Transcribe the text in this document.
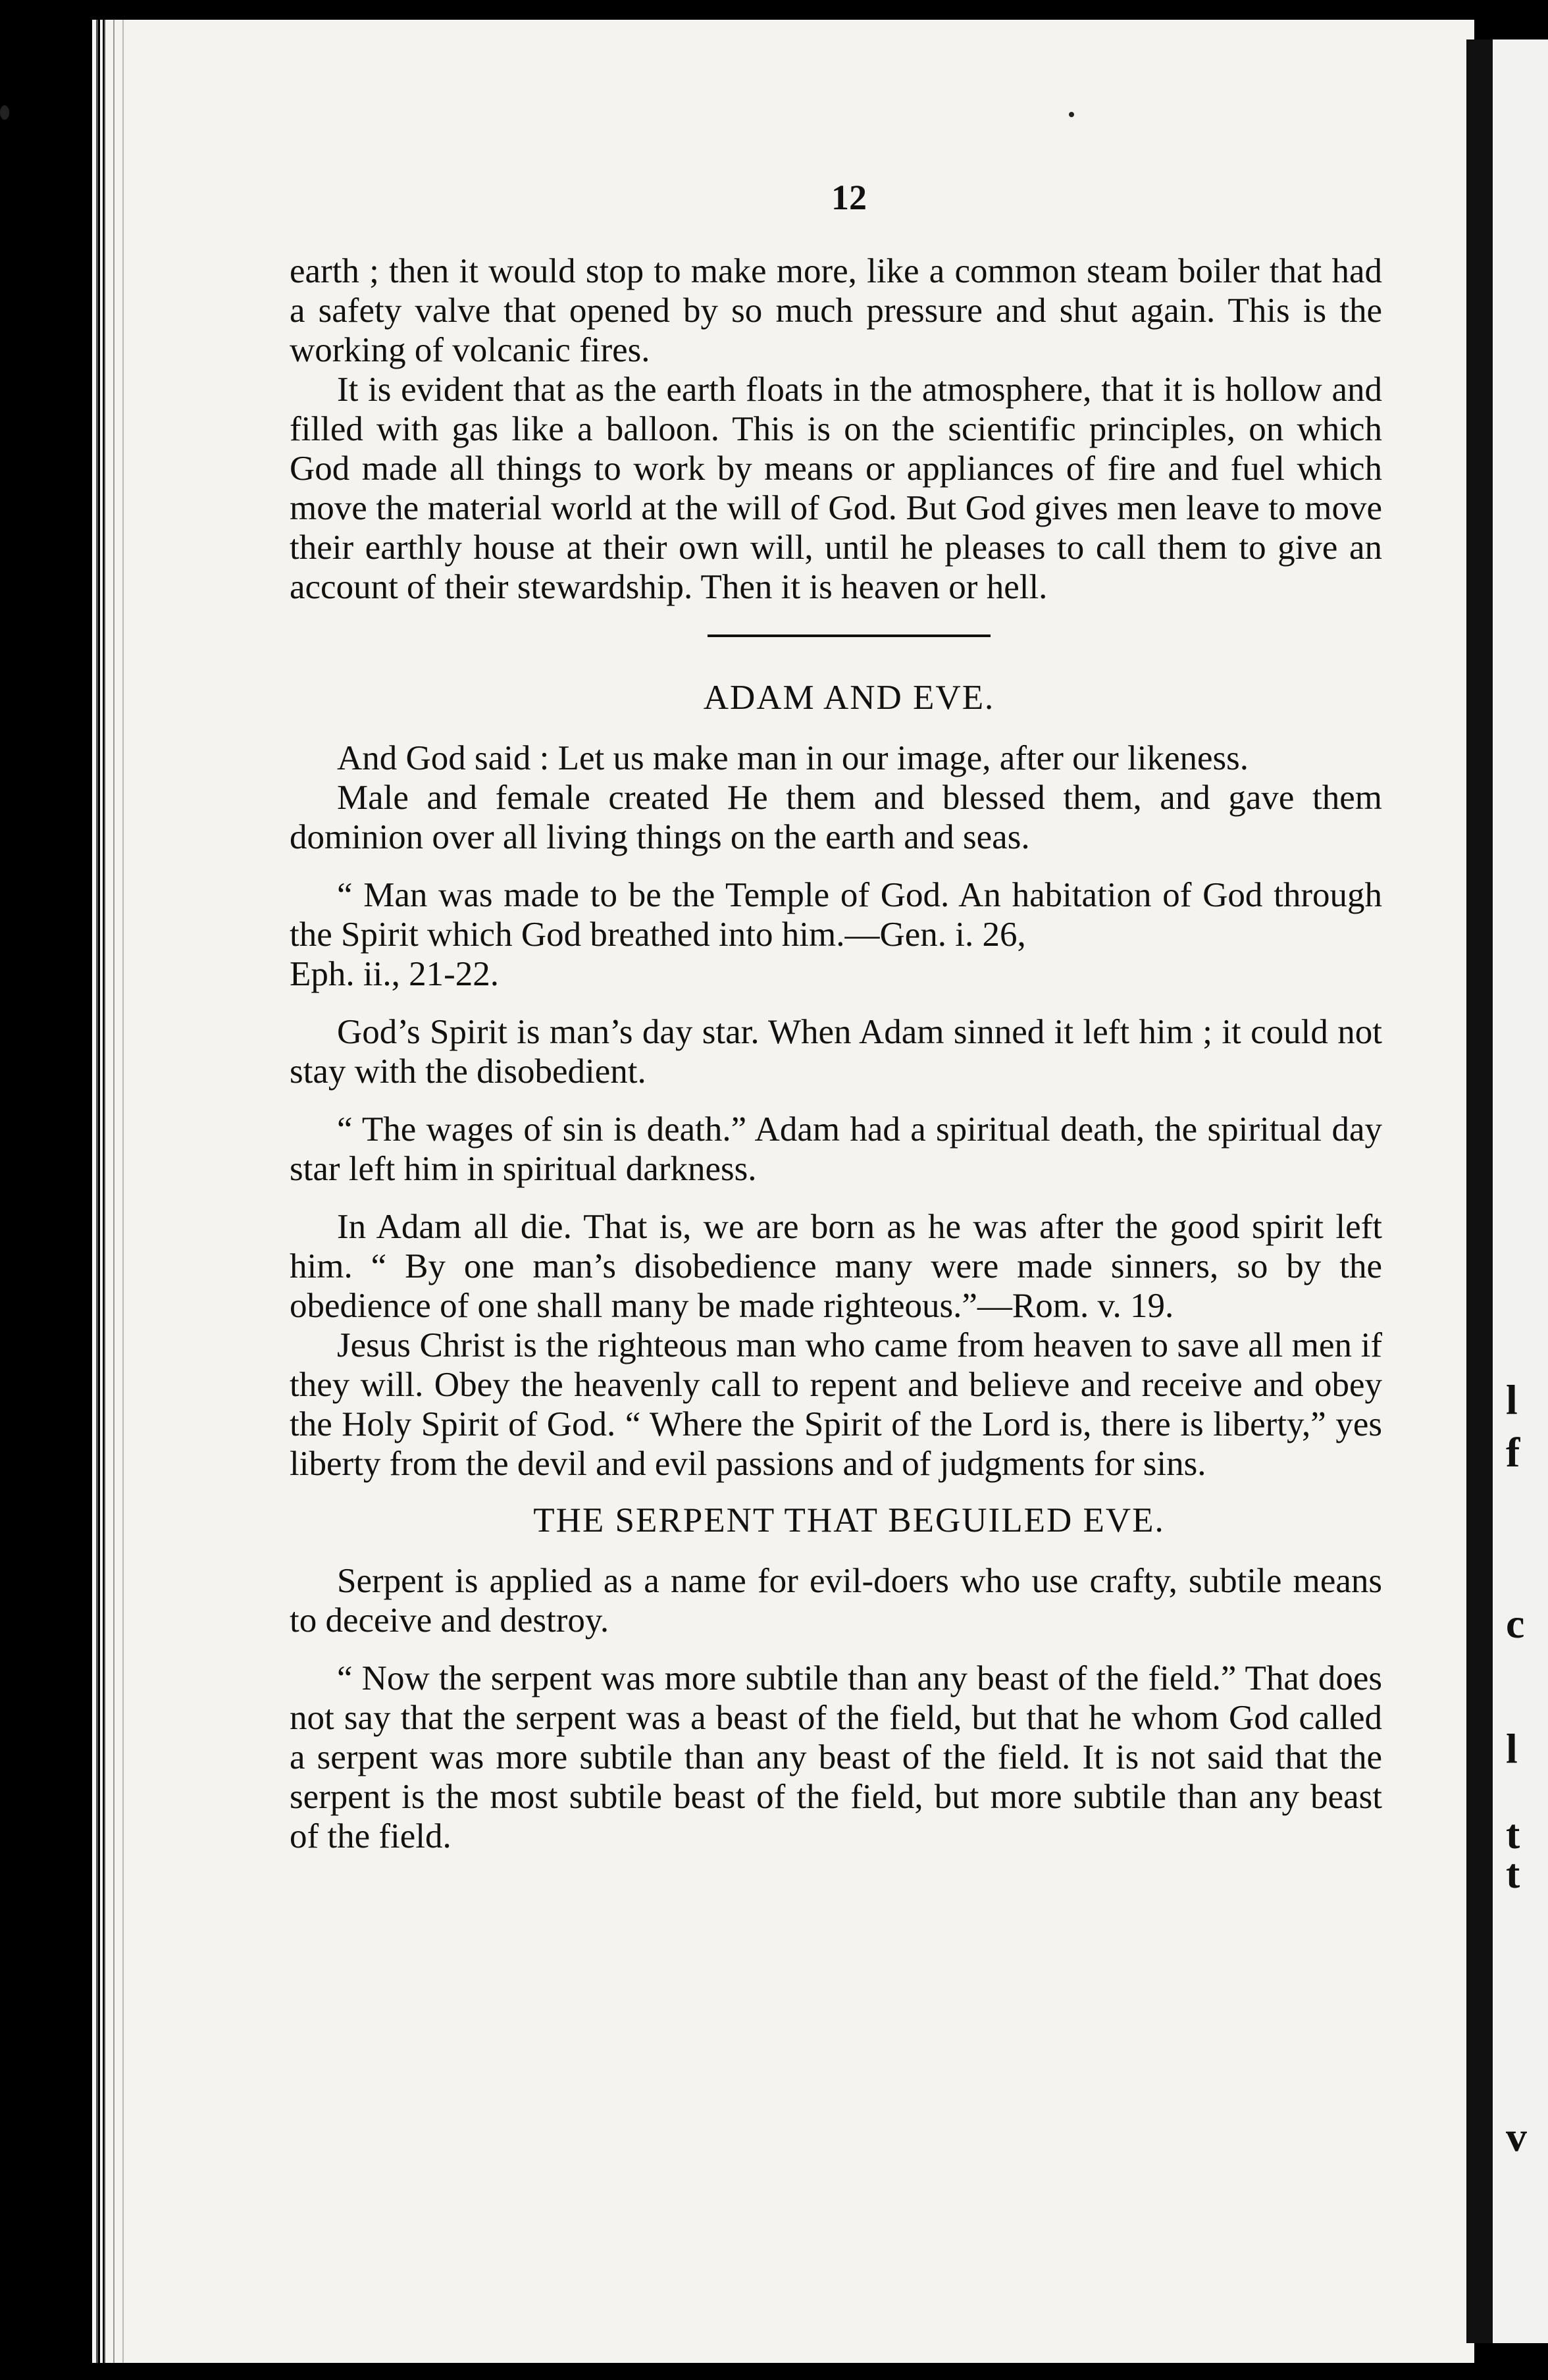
l
f
c
l
t
t
v
12

earth ; then it would stop to make more, like a common steam boiler that had a safety valve that opened by so much pressure and shut again. This is the working of volcanic fires.

It is evident that as the earth floats in the atmosphere, that it is hollow and filled with gas like a balloon. This is on the scientific principles, on which God made all things to work by means or appliances of fire and fuel which move the material world at the will of God. But God gives men leave to move their earthly house at their own will, until he pleases to call them to give an account of their stewardship. Then it is heaven or hell.

ADAM AND EVE.

And God said : Let us make man in our image, after our likeness.

Male and female created He them and blessed them, and gave them dominion over all living things on the earth and seas.

“ Man was made to be the Temple of God. An habitation of God through the Spirit which God breathed into him.—Gen. i. 26,

Eph. ii., 21-22.

God’s Spirit is man’s day star. When Adam sinned it left him ; it could not stay with the disobedient.

“ The wages of sin is death.” Adam had a spiritual death, the spiritual day star left him in spiritual darkness.

In Adam all die. That is, we are born as he was after the good spirit left him. “ By one man’s disobedience many were made sinners, so by the obedience of one shall many be made righteous.”—Rom. v. 19.

Jesus Christ is the righteous man who came from heaven to save all men if they will. Obey the heavenly call to repent and believe and receive and obey the Holy Spirit of God. “ Where the Spirit of the Lord is, there is liberty,” yes liberty from the devil and evil passions and of judgments for sins.

THE SERPENT THAT BEGUILED EVE.

Serpent is applied as a name for evil-doers who use crafty, subtile means to deceive and destroy.

“ Now the serpent was more subtile than any beast of the field.” That does not say that the serpent was a beast of the field, but that he whom God called a serpent was more subtile than any beast of the field. It is not said that the serpent is the most subtile beast of the field, but more subtile than any beast of the field.
